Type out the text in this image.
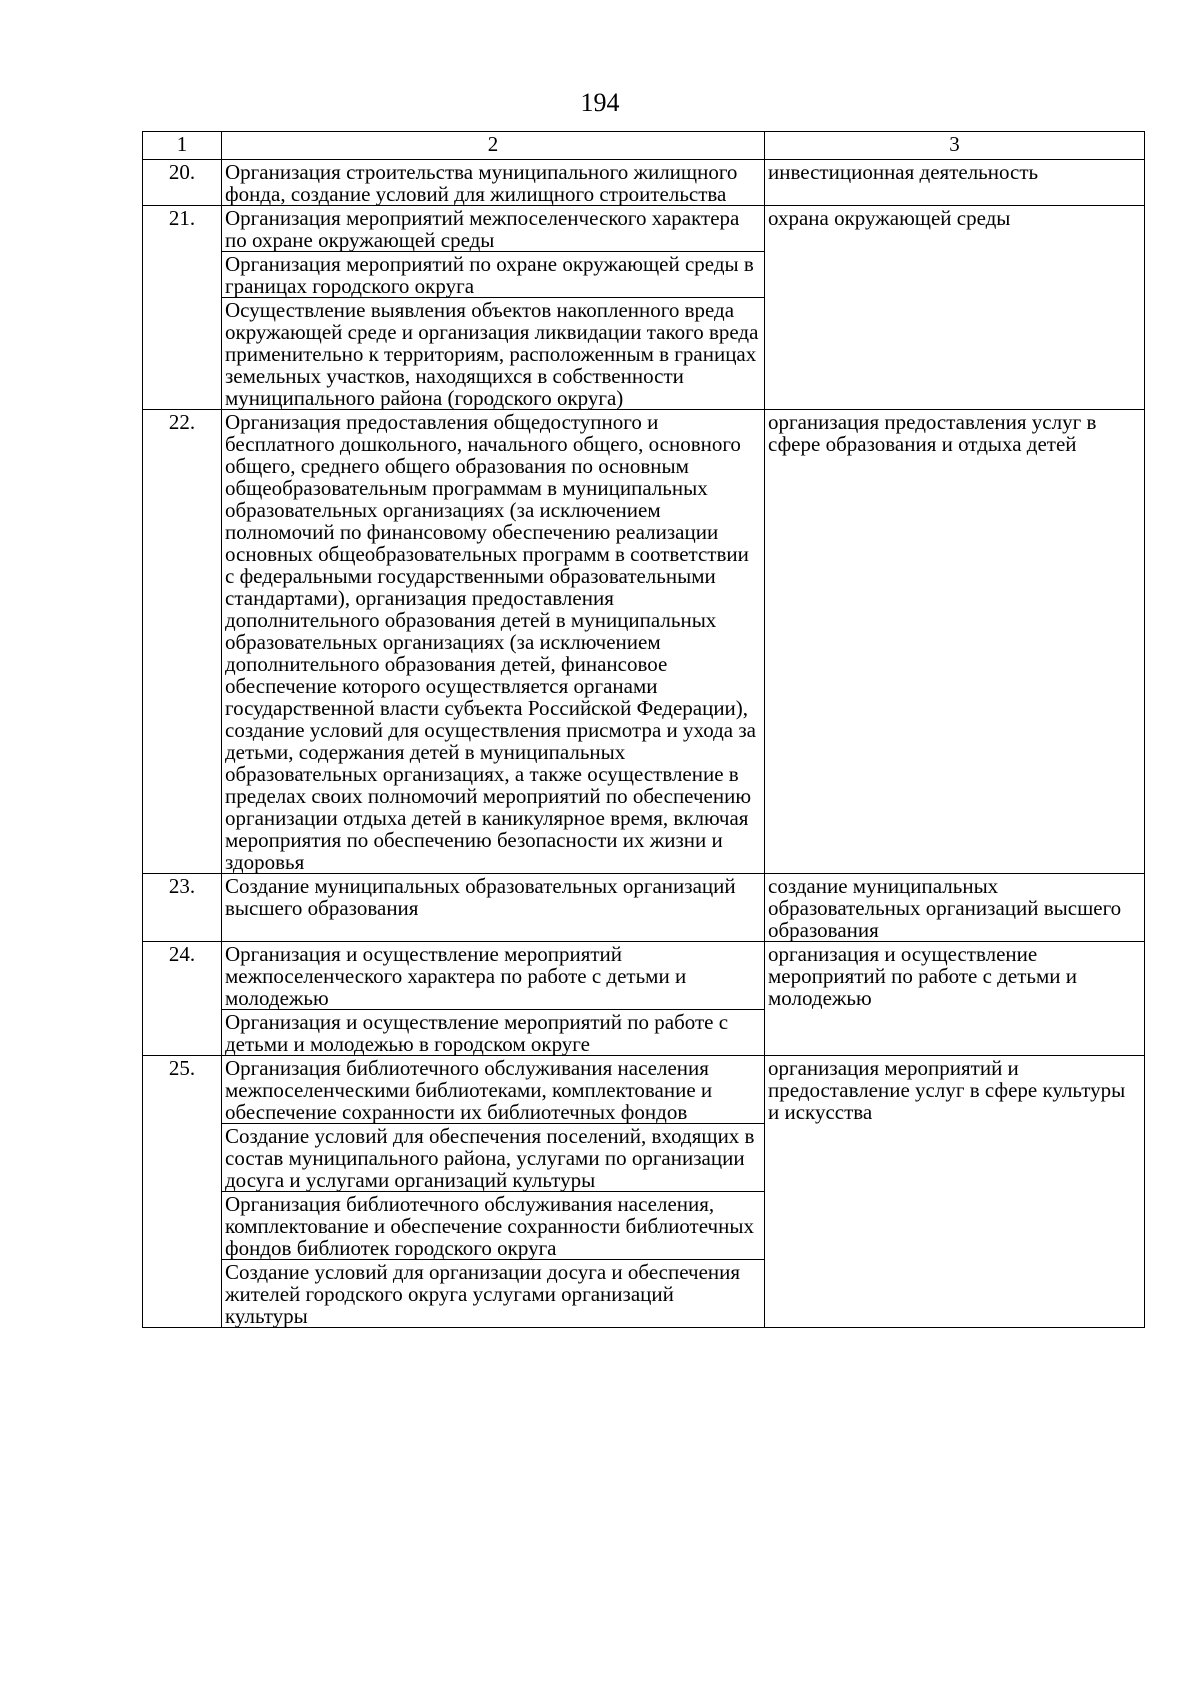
194
1	2	3
20.	Организация строительства муниципального жилищного фонда, создание условий для жилищного строительства	инвестиционная деятельность
21.	Организация мероприятий межпоселенческого характера по охране окружающей среды	охрана окружающей среды
	Организация мероприятий по охране окружающей среды в границах городского округа	
	Осуществление выявления объектов накопленного вреда окружающей среде и организация ликвидации такого вреда применительно к территориям, расположенным в границах земельных участков, находящихся в собственности муниципального района (городского округа)	
22.	Организация предоставления общедоступного и бесплатного дошкольного, начального общего, основного общего, среднего общего образования по основным общеобразовательным программам в муниципальных образовательных организациях (за исключением полномочий по финансовому обеспечению реализации основных общеобразовательных программ в соответствии с федеральными государственными образовательными стандартами), организация предоставления дополнительного образования детей в муниципальных образовательных организациях (за исключением дополнительного образования детей, финансовое обеспечение которого осуществляется органами государственной власти субъекта Российской Федерации), создание условий для осуществления присмотра и ухода за детьми, содержания детей в муниципальных образовательных организациях, а также осуществление в пределах своих полномочий мероприятий по обеспечению организации отдыха детей в каникулярное время, включая мероприятия по обеспечению безопасности их жизни и здоровья	организация предоставления услуг в сфере образования и отдыха детей
23.	Создание муниципальных образовательных организаций высшего образования	создание муниципальных образовательных организаций высшего образования
24.	Организация и осуществление мероприятий межпоселенческого характера по работе с детьми и молодежью	организация и осуществление мероприятий по работе с детьми и молодежью
	Организация и осуществление мероприятий по работе с детьми и молодежью в городском округе	
25.	Организация библиотечного обслуживания населения межпоселенческими библиотеками, комплектование и обеспечение сохранности их библиотечных фондов	организация мероприятий и предоставление услуг в сфере культуры и искусства
	Создание условий для обеспечения поселений, входящих в состав муниципального района, услугами по организации досуга и услугами организаций культуры	
	Организация библиотечного обслуживания населения, комплектование и обеспечение сохранности библиотечных фондов библиотек городского округа	
	Создание условий для организации досуга и обеспечения жителей городского округа услугами организаций культуры	
